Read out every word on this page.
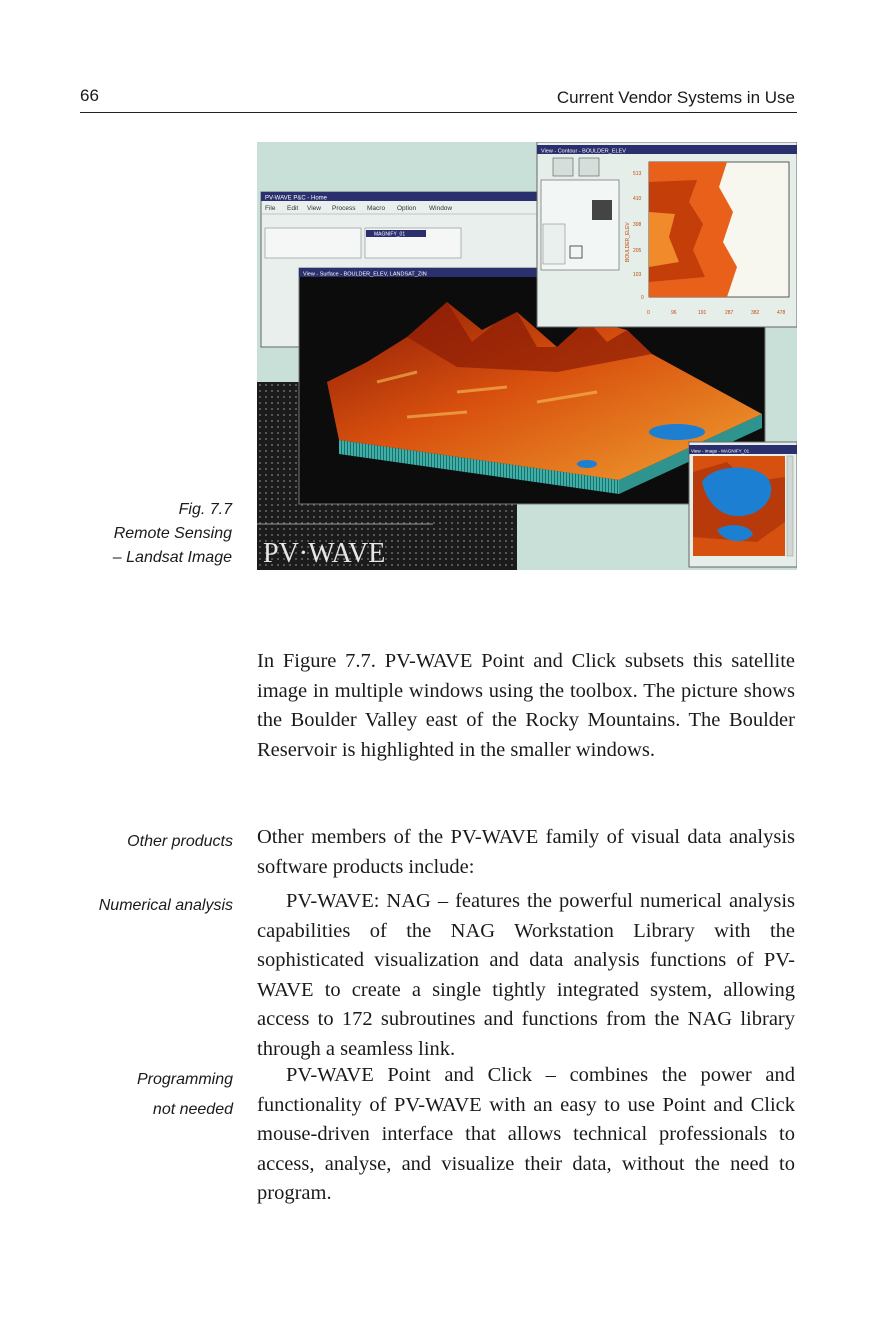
66	Current Vendor Systems in Use
PV-WAVE P&C - Home
File Edit View Process Macro Option Window
MAGNIFY_01
View - Surface - BOULDER_ELEV, LANDSAT_ZIN
View - Contour - BOULDER_ELEV
BOULDER_ELEV
513
410
308
205
103
0
0	96	191	287	382	478
View - Image - MAGNIFY_01
PV·WAVE
Fig. 7.7
Remote Sensing
– Landsat Image

In Figure 7.7. PV-WAVE Point and Click subsets this satellite image in multiple windows using the toolbox. The picture shows the Boulder Valley east of the Rocky Mountains. The Boulder Reservoir is highlighted in the smaller windows.

Other products Other members of the PV-WAVE family of visual data analysis software products include:

Numerical analysis	PV-WAVE: NAG – features the powerful numerical analysis capabilities of the NAG Workstation Library with the sophisticated visualization and data analysis functions of PV-WAVE to create a single tightly integrated system, allowing access to 172 subroutines and functions from the NAG library through a seamless link.

Programming
not needed

PV-WAVE Point and Click – combines the power and functionality of PV-WAVE with an easy to use Point and Click mouse-driven interface that allows technical professionals to access, analyse, and visualize their data, without the need to program.
